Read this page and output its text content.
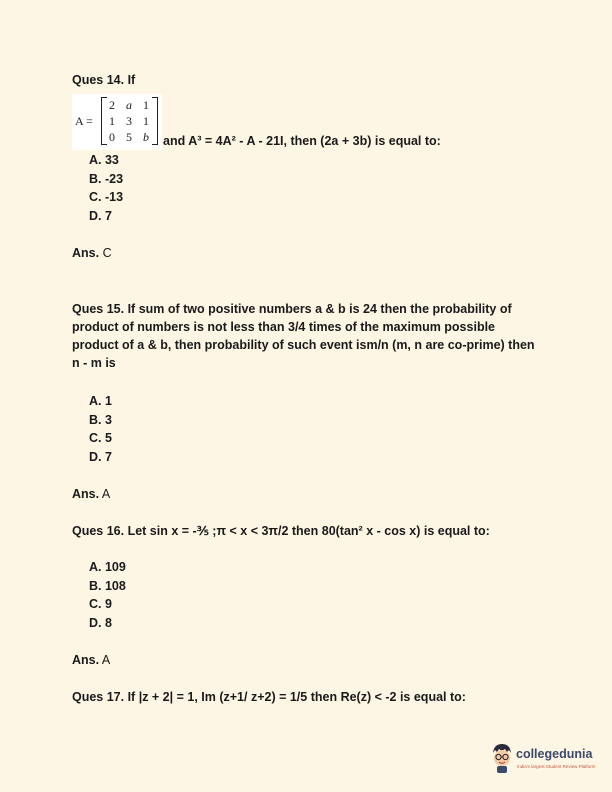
Ques 14. If
A =
2 a 1
1 3 1
0 5 b	and A³ = 4A² - A - 21I, then (2a + 3b) is equal to:
A. 33
B. -23
C. -13
D. 7
Ans. C
Ques 15. If sum of two positive numbers a & b is 24 then the probability of product of numbers is not less than 3/4 times of the maximum possible product of a & b, then probability of such event ism/n (m, n are co-prime) then n - m is
A. 1
B. 3
C. 5
D. 7
Ans. A
Ques 16. Let sin x = -⅗ ;π < x < 3π/2 then 80(tan² x - cos x) is equal to:
A. 109
B. 108
C. 9
D. 8
Ans. A
Ques 17. If |z + 2| = 1, Im (z+1/ z+2) = 1/5 then Re(z) < -2 is equal to:
collegedunia
India's largest Student Review Platform
